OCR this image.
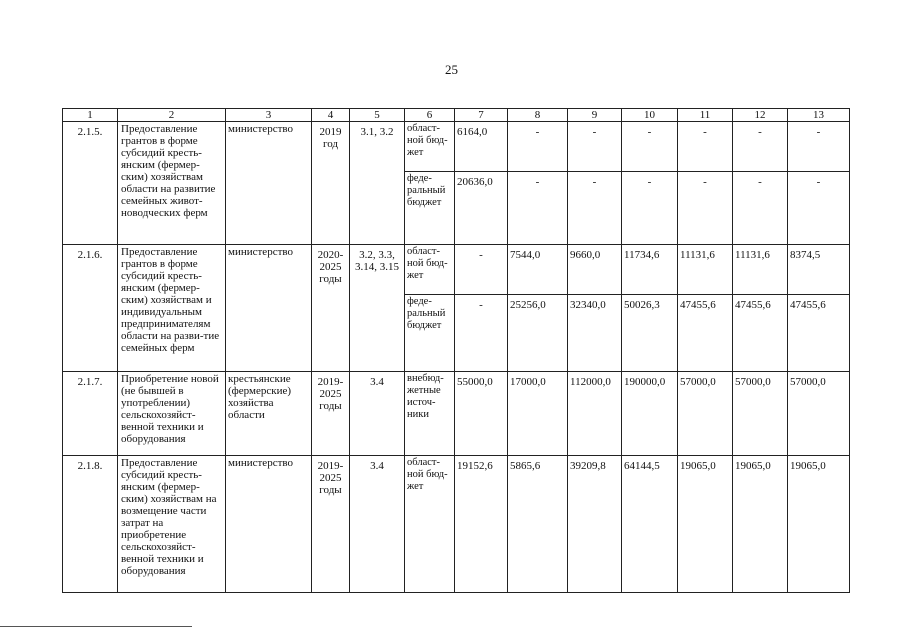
25
1	2	3	4	5	6	7	8	9	10	11	12	13
2.1.5.	Предоставление грантов в форме субсидий кресть-янским (фермер-ским) хозяйствам области на развитие семейных живот-новодческих ферм	министерство	2019 год	3.1, 3.2	област-ной бюд-жет	6164,0	-	-	-	-	-	-
					феде-ральный бюджет	20636,0	-	-	-	-	-	-
2.1.6.	Предоставление грантов в форме субсидий кресть-янским (фермер-ским) хозяйствам и индивидуальным предпринимателям области на разви-тие семейных ферм	министерство	2020-2025 годы	3.2, 3.3, 3.14, 3.15	област-ной бюд-жет	-	7544,0	9660,0	11734,6	11131,6	11131,6	8374,5
					феде-ральный бюджет	-	25256,0	32340,0	50026,3	47455,6	47455,6	47455,6
2.1.7.	Приобретение новой (не бывшей в употреблении) сельскохозяйст-венной техники и оборудования	крестьянские (фермерские) хозяйства области	2019-2025 годы	3.4	внебюд-жетные источ-ники	55000,0	17000,0	112000,0	190000,0	57000,0	57000,0	57000,0
2.1.8.	Предоставление субсидий кресть-янским (фермер-ским) хозяйствам на возмещение части затрат на приобретение сельскохозяйст-венной техники и оборудования	министерство	2019-2025 годы	3.4	област-ной бюд-жет	19152,6	5865,6	39209,8	64144,5	19065,0	19065,0	19065,0
